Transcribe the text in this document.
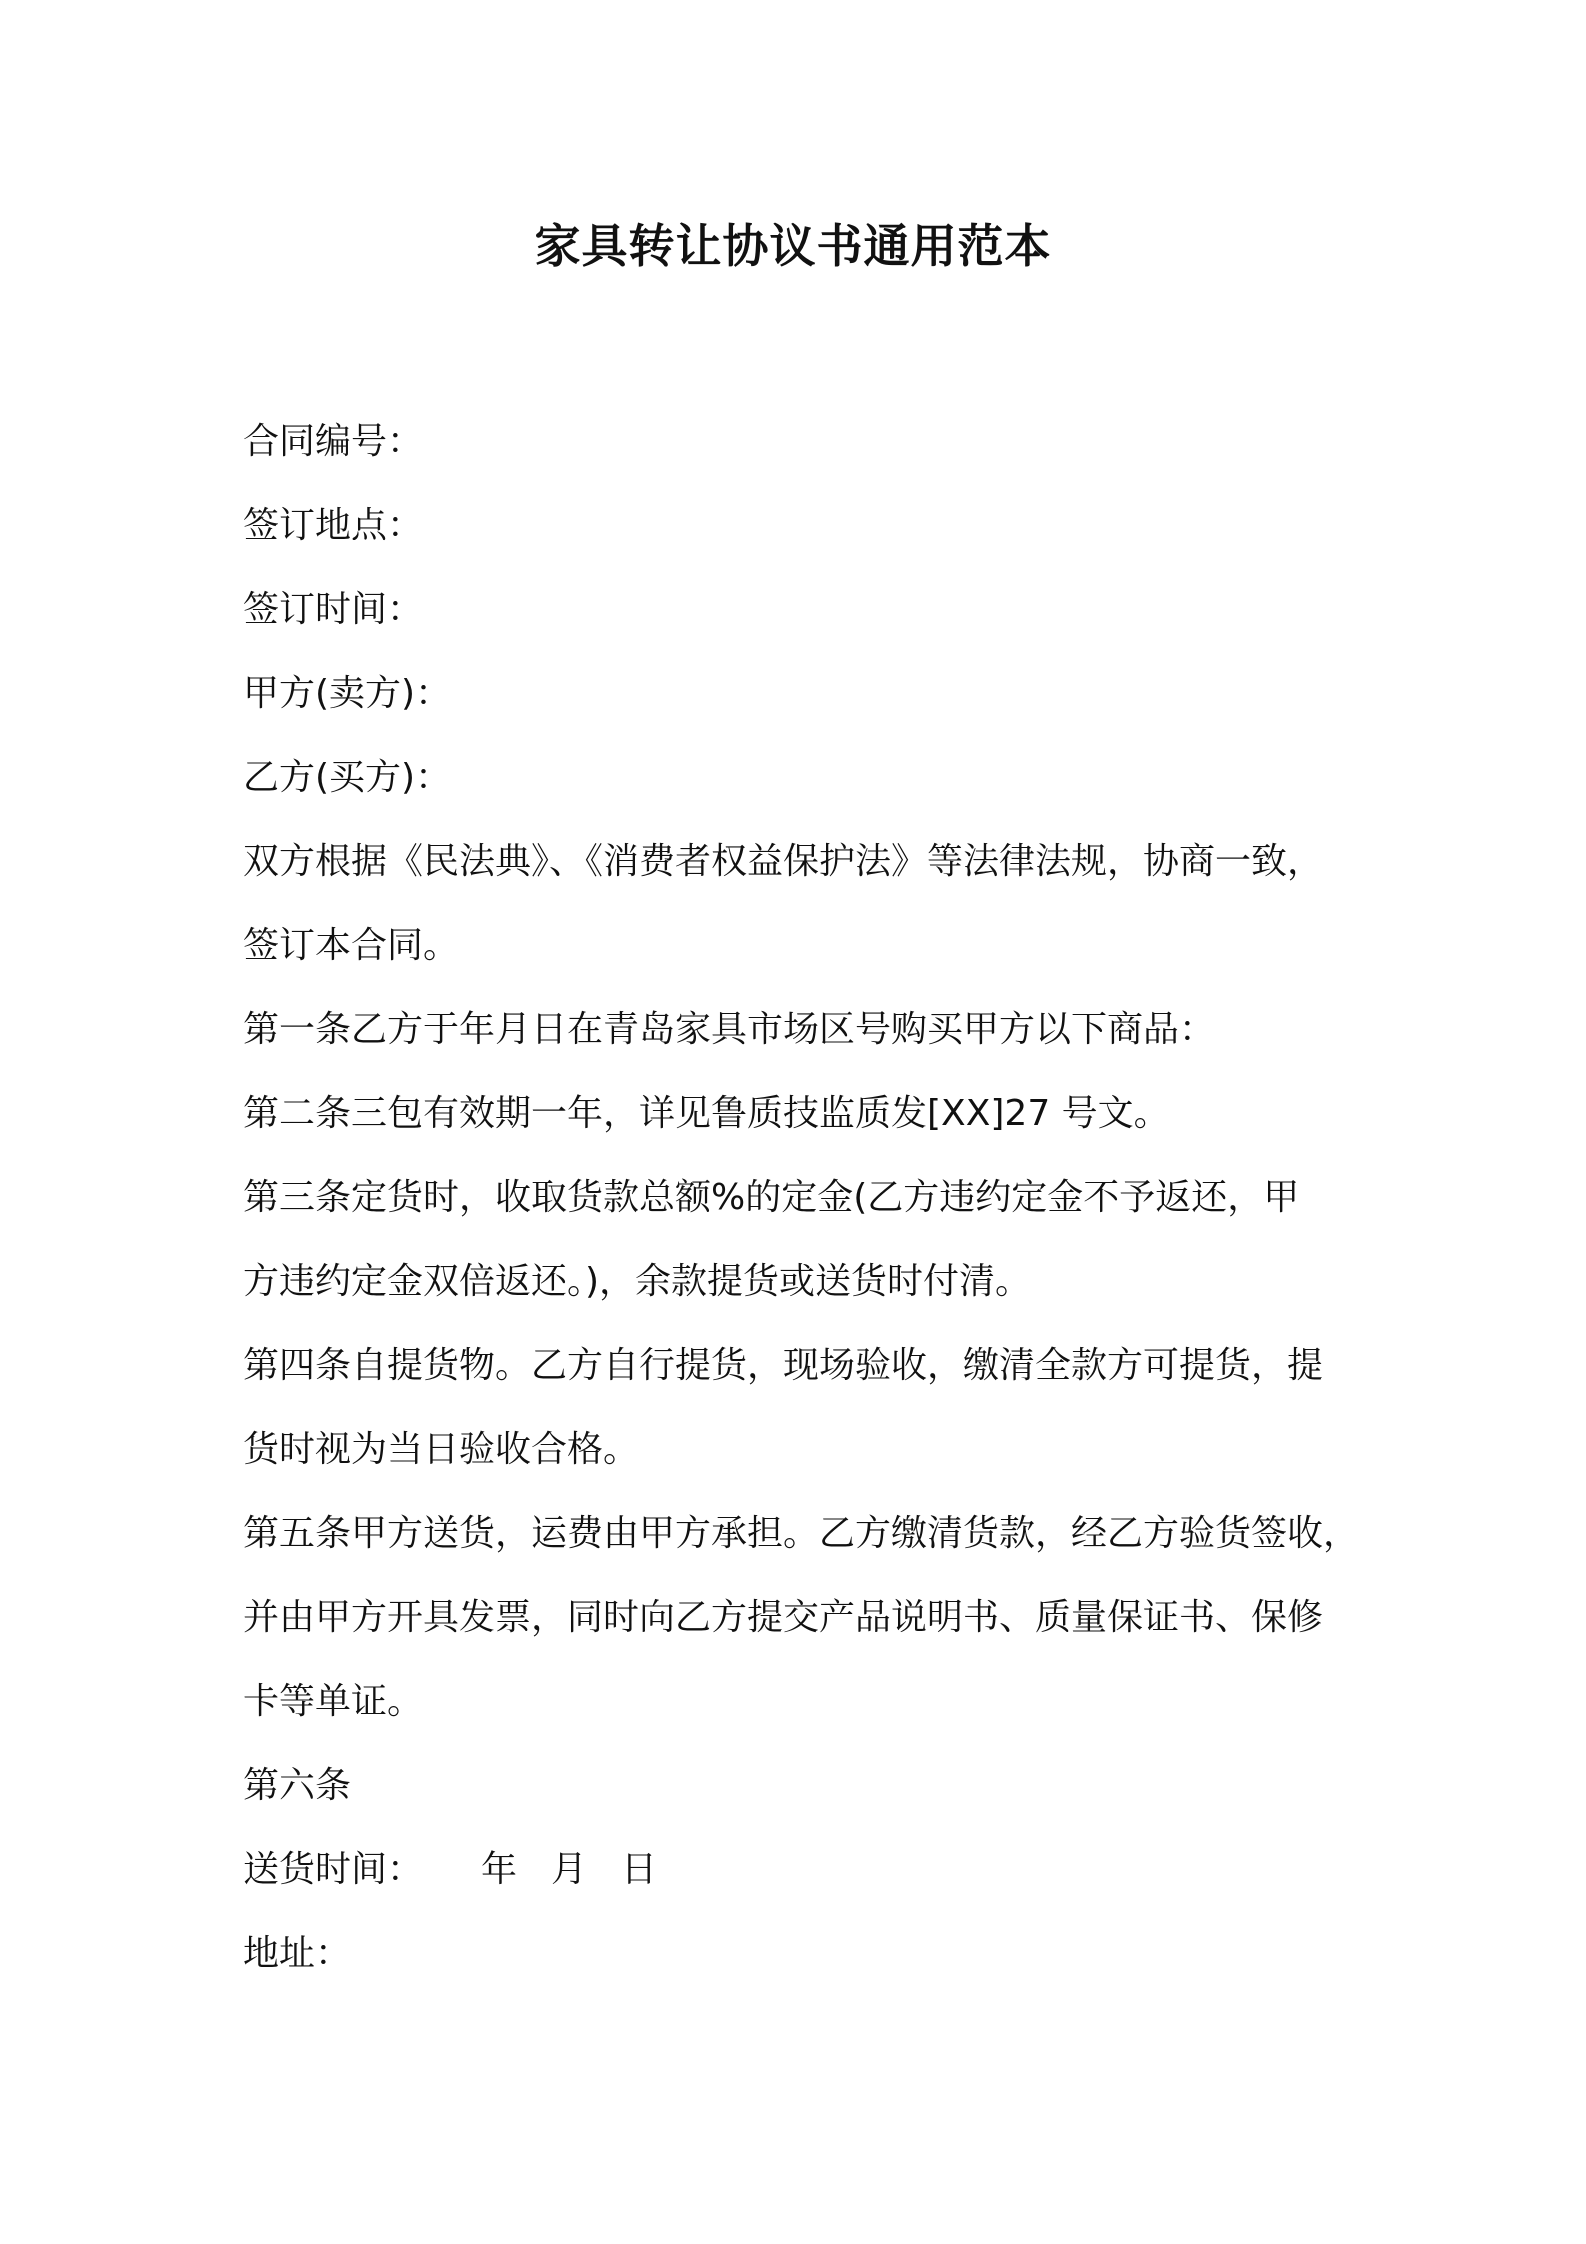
家具转让协议书通用范本
合同编号：
签订地点：
签订时间：
甲方(卖方)：
乙方(买方)：
双方根据《民法典》、《消费者权益保护法》等法律法规，协商一致，
签订本合同。
第一条乙方于年月日在青岛家具市场区号购买甲方以下商品：
第二条三包有效期一年，详见鲁质技监质发[XX]27 号文。
第三条定货时，收取货款总额%的定金(乙方违约定金不予返还，甲
方违约定金双倍返还。)，余款提货或送货时付清。
第四条自提货物。乙方自行提货，现场验收，缴清全款方可提货，提
货时视为当日验收合格。
第五条甲方送货，运费由甲方承担。乙方缴清货款，经乙方验货签收，
并由甲方开具发票，同时向乙方提交产品说明书、质量保证书、保修
卡等单证。
第六条
送货时间： 年 月 日
地址：
